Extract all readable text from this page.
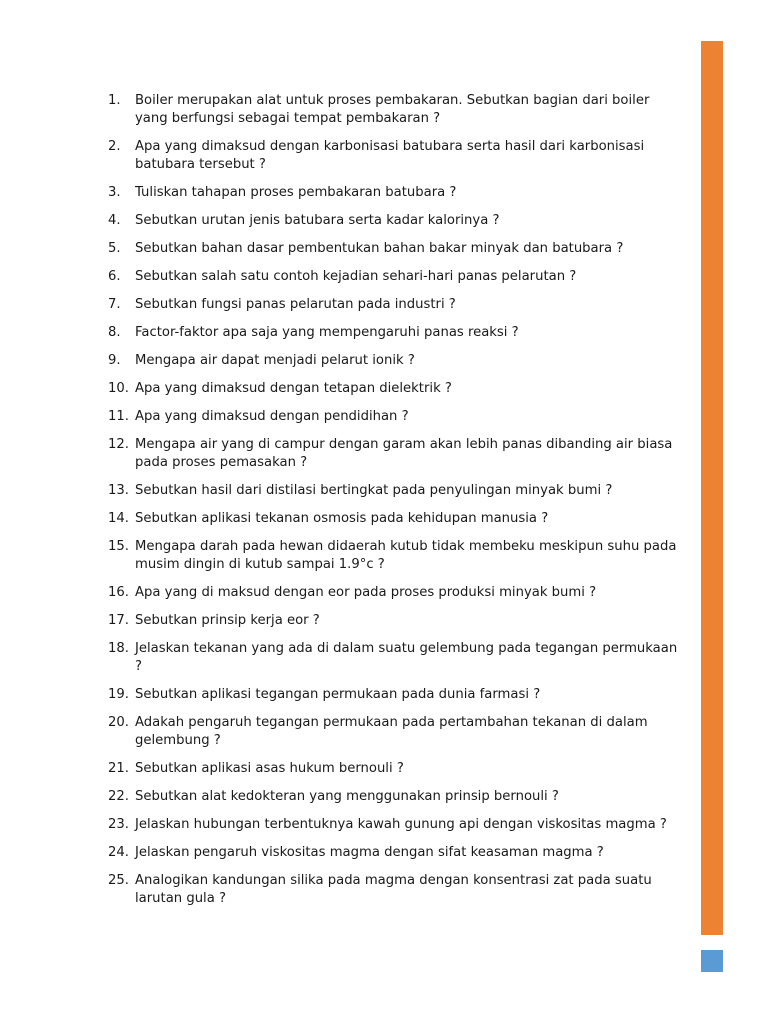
1.	Boiler merupakan alat untuk proses pembakaran. Sebutkan bagian dari boiler yang berfungsi sebagai tempat pembakaran ?
2.	Apa yang dimaksud dengan karbonisasi batubara serta hasil dari karbonisasi batubara tersebut ?
3.	Tuliskan tahapan proses pembakaran batubara ?
4.	Sebutkan urutan jenis batubara serta kadar kalorinya ?
5.	Sebutkan bahan dasar pembentukan bahan bakar minyak dan batubara ?
6.	Sebutkan salah satu contoh kejadian sehari-hari panas pelarutan ?
7.	Sebutkan fungsi panas pelarutan pada industri ?
8.	Factor-faktor apa saja yang mempengaruhi panas reaksi ?
9.	Mengapa air dapat menjadi pelarut ionik ?
10. Apa yang dimaksud dengan tetapan dielektrik ?
11. Apa yang dimaksud dengan pendidihan ?
12. Mengapa air yang di campur dengan garam akan lebih panas dibanding air biasa pada proses pemasakan ?
13. Sebutkan hasil dari distilasi bertingkat pada penyulingan minyak bumi ?
14. Sebutkan aplikasi tekanan osmosis pada kehidupan manusia ?
15. Mengapa darah pada hewan didaerah kutub tidak membeku meskipun suhu pada musim dingin di kutub sampai 1.9°c ?
16. Apa yang di maksud dengan eor pada proses produksi minyak bumi ?
17. Sebutkan prinsip kerja eor ?
18. Jelaskan tekanan yang ada di dalam suatu gelembung pada tegangan permukaan ?
19. Sebutkan aplikasi tegangan permukaan pada dunia farmasi ?
20. Adakah pengaruh tegangan permukaan pada pertambahan tekanan di dalam gelembung ?
21. Sebutkan aplikasi asas hukum bernouli ?
22. Sebutkan alat kedokteran yang menggunakan prinsip bernouli ?
23. Jelaskan hubungan terbentuknya kawah gunung api dengan viskositas magma ?
24. Jelaskan pengaruh viskositas magma dengan sifat keasaman magma ?
25. Analogikan kandungan silika pada magma dengan konsentrasi zat pada suatu larutan gula ?
